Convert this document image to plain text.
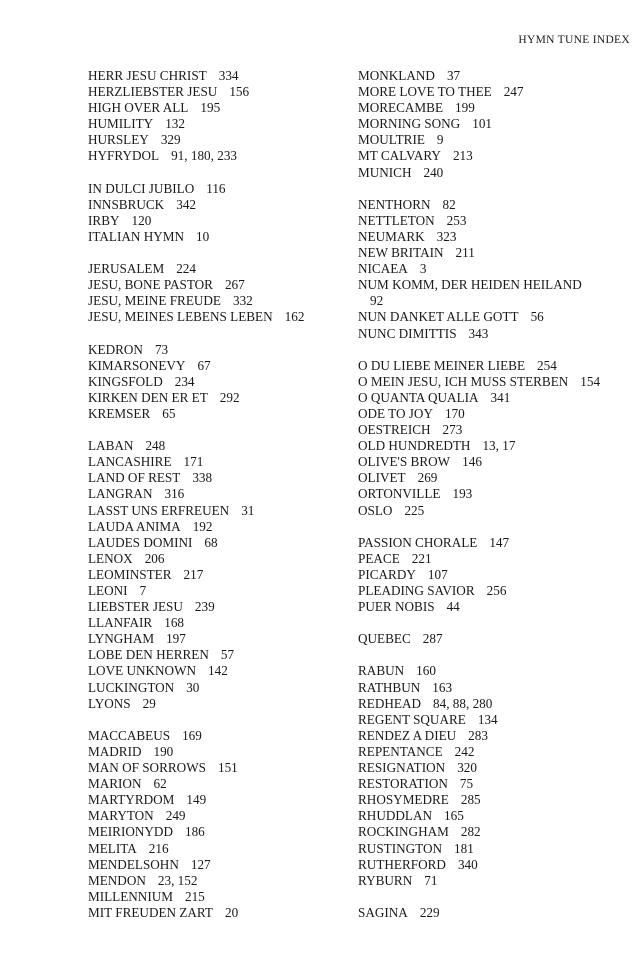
HYMN TUNE INDEX
HERR JESU CHRIST 334
HERZLIEBSTER JESU 156
HIGH OVER ALL 195
HUMILITY 132
HURSLEY 329
HYFRYDOL 91, 180, 233
IN DULCI JUBILO 116
INNSBRUCK 342
IRBY 120
ITALIAN HYMN 10
JERUSALEM 224
JESU, BONE PASTOR 267
JESU, MEINE FREUDE 332
JESU, MEINES LEBENS LEBEN 162
KEDRON 73
KIMARSONEVY 67
KINGSFOLD 234
KIRKEN DEN ER ET 292
KREMSER 65
LABAN 248
LANCASHIRE 171
LAND OF REST 338
LANGRAN 316
LASST UNS ERFREUEN 31
LAUDA ANIMA 192
LAUDES DOMINI 68
LENOX 206
LEOMINSTER 217
LEONI 7
LIEBSTER JESU 239
LLANFAIR 168
LYNGHAM 197
LOBE DEN HERREN 57
LOVE UNKNOWN 142
LUCKINGTON 30
LYONS 29
MACCABEUS 169
MADRID 190
MAN OF SORROWS 151
MARION 62
MARTYRDOM 149
MARYTON 249
MEIRIONYDD 186
MELITA 216
MENDELSOHN 127
MENDON 23, 152
MILLENNIUM 215
MIT FREUDEN ZART 20
MONKLAND 37
MORE LOVE TO THEE 247
MORECAMBE 199
MORNING SONG 101
MOULTRIE 9
MT CALVARY 213
MUNICH 240
NENTHORN 82
NETTLETON 253
NEUMARK 323
NEW BRITAIN 211
NICAEA 3
NUM KOMM, DER HEIDEN HEILAND
92
NUN DANKET ALLE GOTT 56
NUNC DIMITTIS 343
O DU LIEBE MEINER LIEBE 254
O MEIN JESU, ICH MUSS STERBEN 154
O QUANTA QUALIA 341
ODE TO JOY 170
OESTREICH 273
OLD HUNDREDTH 13, 17
OLIVE'S BROW 146
OLIVET 269
ORTONVILLE 193
OSLO 225
PASSION CHORALE 147
PEACE 221
PICARDY 107
PLEADING SAVIOR 256
PUER NOBIS 44
QUEBEC 287
RABUN 160
RATHBUN 163
REDHEAD 84, 88, 280
REGENT SQUARE 134
RENDEZ A DIEU 283
REPENTANCE 242
RESIGNATION 320
RESTORATION 75
RHOSYMEDRE 285
RHUDDLAN 165
ROCKINGHAM 282
RUSTINGTON 181
RUTHERFORD 340
RYBURN 71
SAGINA 229
